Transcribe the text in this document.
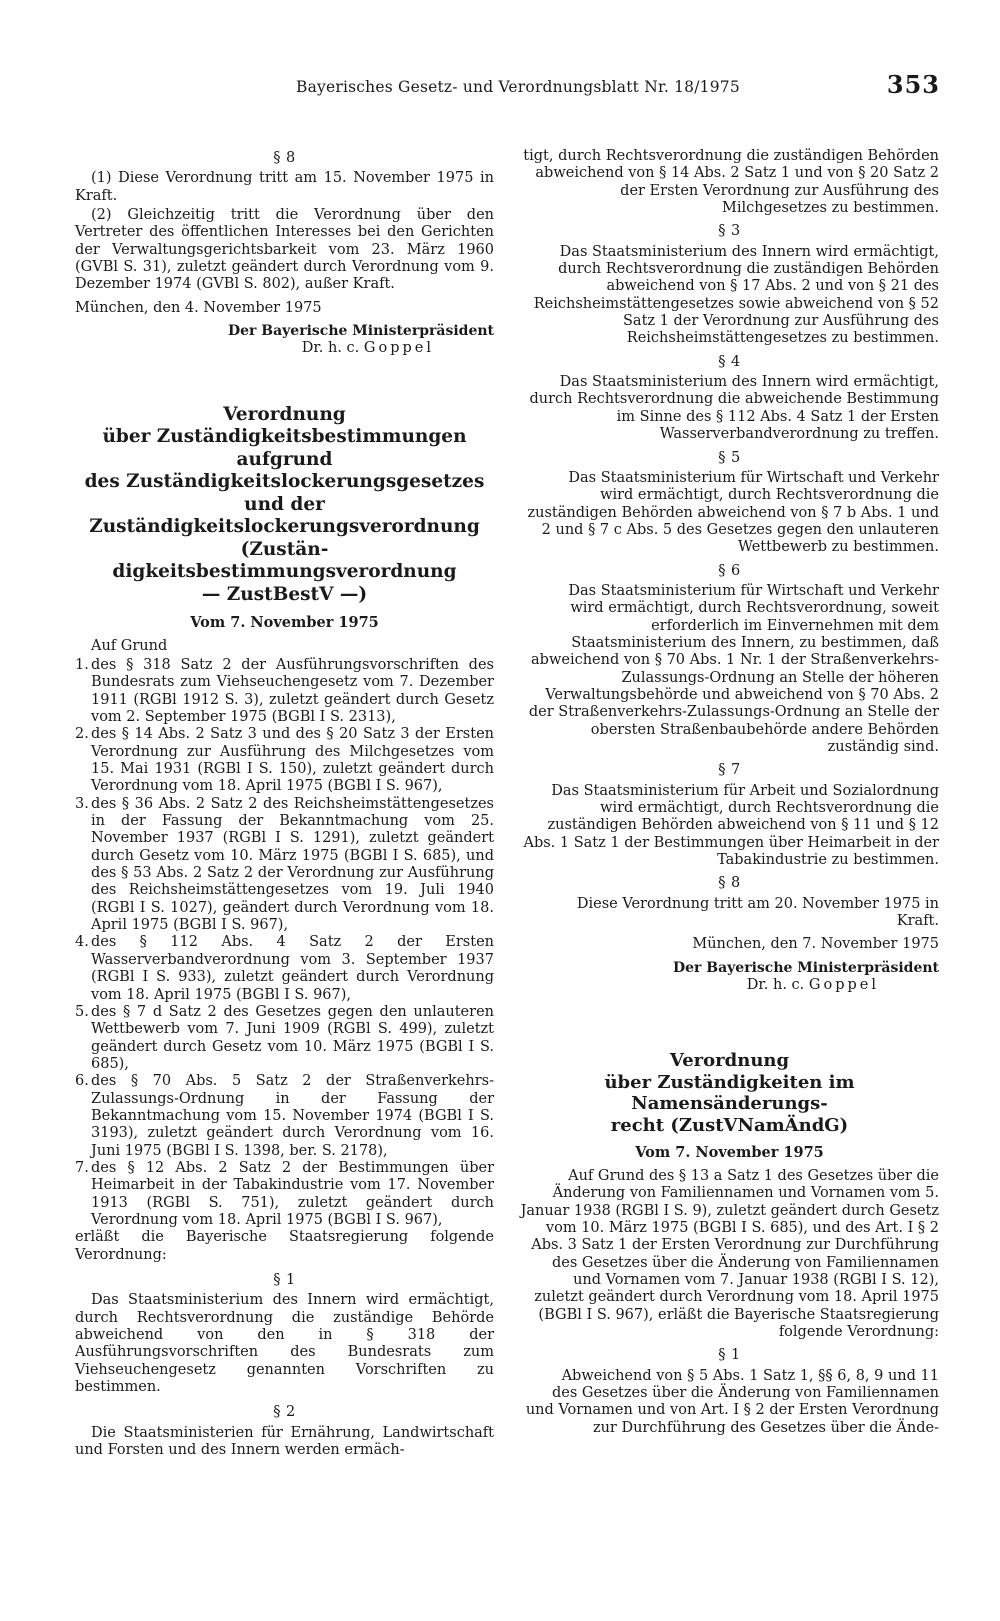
Bayerisches Gesetz- und Verordnungsblatt Nr. 18/1975	353
§ 8

(1) Diese Verordnung tritt am 15. November 1975 in Kraft.

(2) Gleichzeitig tritt die Verordnung über den Vertreter des öffentlichen Interesses bei den Gerichten der Verwaltungsgerichtsbarkeit vom 23. März 1960 (GVBl S. 31), zuletzt geändert durch Verordnung vom 9. Dezember 1974 (GVBl S. 802), außer Kraft.

München, den 4. November 1975

Der Bayerische Ministerpräsident
Dr. h. c. Goppel
Verordnung
über Zuständigkeitsbestimmungen aufgrund
des Zuständigkeitslockerungsgesetzes und der
Zuständigkeitslockerungsverordnung (Zustän-
digkeitsbestimmungsverordnung
— ZustBestV —)
Vom 7. November 1975

Auf Grund

1. des § 318 Satz 2 der Ausführungsvorschriften des Bundesrats zum Viehseuchengesetz vom 7. Dezember 1911 (RGBl 1912 S. 3), zuletzt geändert durch Gesetz vom 2. September 1975 (BGBl I S. 2313),
2. des § 14 Abs. 2 Satz 3 und des § 20 Satz 3 der Ersten Verordnung zur Ausführung des Milchgesetzes vom 15. Mai 1931 (RGBl I S. 150), zuletzt geändert durch Verordnung vom 18. April 1975 (BGBl I S. 967),
3. des § 36 Abs. 2 Satz 2 des Reichsheimstättengesetzes in der Fassung der Bekanntmachung vom 25. November 1937 (RGBl I S. 1291), zuletzt geändert durch Gesetz vom 10. März 1975 (BGBl I S. 685), und des § 53 Abs. 2 Satz 2 der Verordnung zur Ausführung des Reichsheimstättengesetzes vom 19. Juli 1940 (RGBl I S. 1027), geändert durch Verordnung vom 18. April 1975 (BGBl I S. 967),
4. des § 112 Abs. 4 Satz 2 der Ersten Wasserverbandverordnung vom 3. September 1937 (RGBl I S. 933), zuletzt geändert durch Verordnung vom 18. April 1975 (BGBl I S. 967),
5. des § 7 d Satz 2 des Gesetzes gegen den unlauteren Wettbewerb vom 7. Juni 1909 (RGBl S. 499), zuletzt geändert durch Gesetz vom 10. März 1975 (BGBl I S. 685),
6. des § 70 Abs. 5 Satz 2 der Straßenverkehrs-Zulassungs-Ordnung in der Fassung der Bekanntmachung vom 15. November 1974 (BGBl I S. 3193), zuletzt geändert durch Verordnung vom 16. Juni 1975 (BGBl I S. 1398, ber. S. 2178),
7. des § 12 Abs. 2 Satz 2 der Bestimmungen über Heimarbeit in der Tabakindustrie vom 17. November 1913 (RGBl S. 751), zuletzt geändert durch Verordnung vom 18. April 1975 (BGBl I S. 967),

erläßt die Bayerische Staatsregierung folgende Verordnung:

§ 1

Das Staatsministerium des Innern wird ermächtigt, durch Rechtsverordnung die zuständige Behörde abweichend von den in § 318 der Ausführungsvorschriften des Bundesrats zum Viehseuchengesetz genannten Vorschriften zu bestimmen.

§ 2

Die Staatsministerien für Ernährung, Landwirtschaft und Forsten und des Innern werden ermäch-

tigt, durch Rechtsverordnung die zuständigen Behörden abweichend von § 14 Abs. 2 Satz 1 und von § 20 Satz 2 der Ersten Verordnung zur Ausführung des Milchgesetzes zu bestimmen.

§ 3

Das Staatsministerium des Innern wird ermächtigt, durch Rechtsverordnung die zuständigen Behörden abweichend von § 17 Abs. 2 und von § 21 des Reichsheimstättengesetzes sowie abweichend von § 52 Satz 1 der Verordnung zur Ausführung des Reichsheimstättengesetzes zu bestimmen.

§ 4

Das Staatsministerium des Innern wird ermächtigt, durch Rechtsverordnung die abweichende Bestimmung im Sinne des § 112 Abs. 4 Satz 1 der Ersten Wasserverbandverordnung zu treffen.

§ 5

Das Staatsministerium für Wirtschaft und Verkehr wird ermächtigt, durch Rechtsverordnung die zuständigen Behörden abweichend von § 7 b Abs. 1 und 2 und § 7 c Abs. 5 des Gesetzes gegen den unlauteren Wettbewerb zu bestimmen.

§ 6

Das Staatsministerium für Wirtschaft und Verkehr wird ermächtigt, durch Rechtsverordnung, soweit erforderlich im Einvernehmen mit dem Staatsministerium des Innern, zu bestimmen, daß abweichend von § 70 Abs. 1 Nr. 1 der Straßenverkehrs-Zulassungs-Ordnung an Stelle der höheren Verwaltungsbehörde und abweichend von § 70 Abs. 2 der Straßenverkehrs-Zulassungs-Ordnung an Stelle der obersten Straßenbaubehörde andere Behörden zuständig sind.

§ 7

Das Staatsministerium für Arbeit und Sozialordnung wird ermächtigt, durch Rechtsverordnung die zuständigen Behörden abweichend von § 11 und § 12 Abs. 1 Satz 1 der Bestimmungen über Heimarbeit in der Tabakindustrie zu bestimmen.

§ 8

Diese Verordnung tritt am 20. November 1975 in Kraft.

München, den 7. November 1975

Der Bayerische Ministerpräsident
Dr. h. c. Goppel
Verordnung
über Zuständigkeiten im Namensänderungs-
recht (ZustVNamÄndG)
Vom 7. November 1975

Auf Grund des § 13 a Satz 1 des Gesetzes über die Änderung von Familiennamen und Vornamen vom 5. Januar 1938 (RGBl I S. 9), zuletzt geändert durch Gesetz vom 10. März 1975 (BGBl I S. 685), und des Art. I § 2 Abs. 3 Satz 1 der Ersten Verordnung zur Durchführung des Gesetzes über die Änderung von Familiennamen und Vornamen vom 7. Januar 1938 (RGBl I S. 12), zuletzt geändert durch Verordnung vom 18. April 1975 (BGBl I S. 967), erläßt die Bayerische Staatsregierung folgende Verordnung:

§ 1

Abweichend von § 5 Abs. 1 Satz 1, §§ 6, 8, 9 und 11 des Gesetzes über die Änderung von Familiennamen und Vornamen und von Art. I § 2 der Ersten Verordnung zur Durchführung des Gesetzes über die Ände-
